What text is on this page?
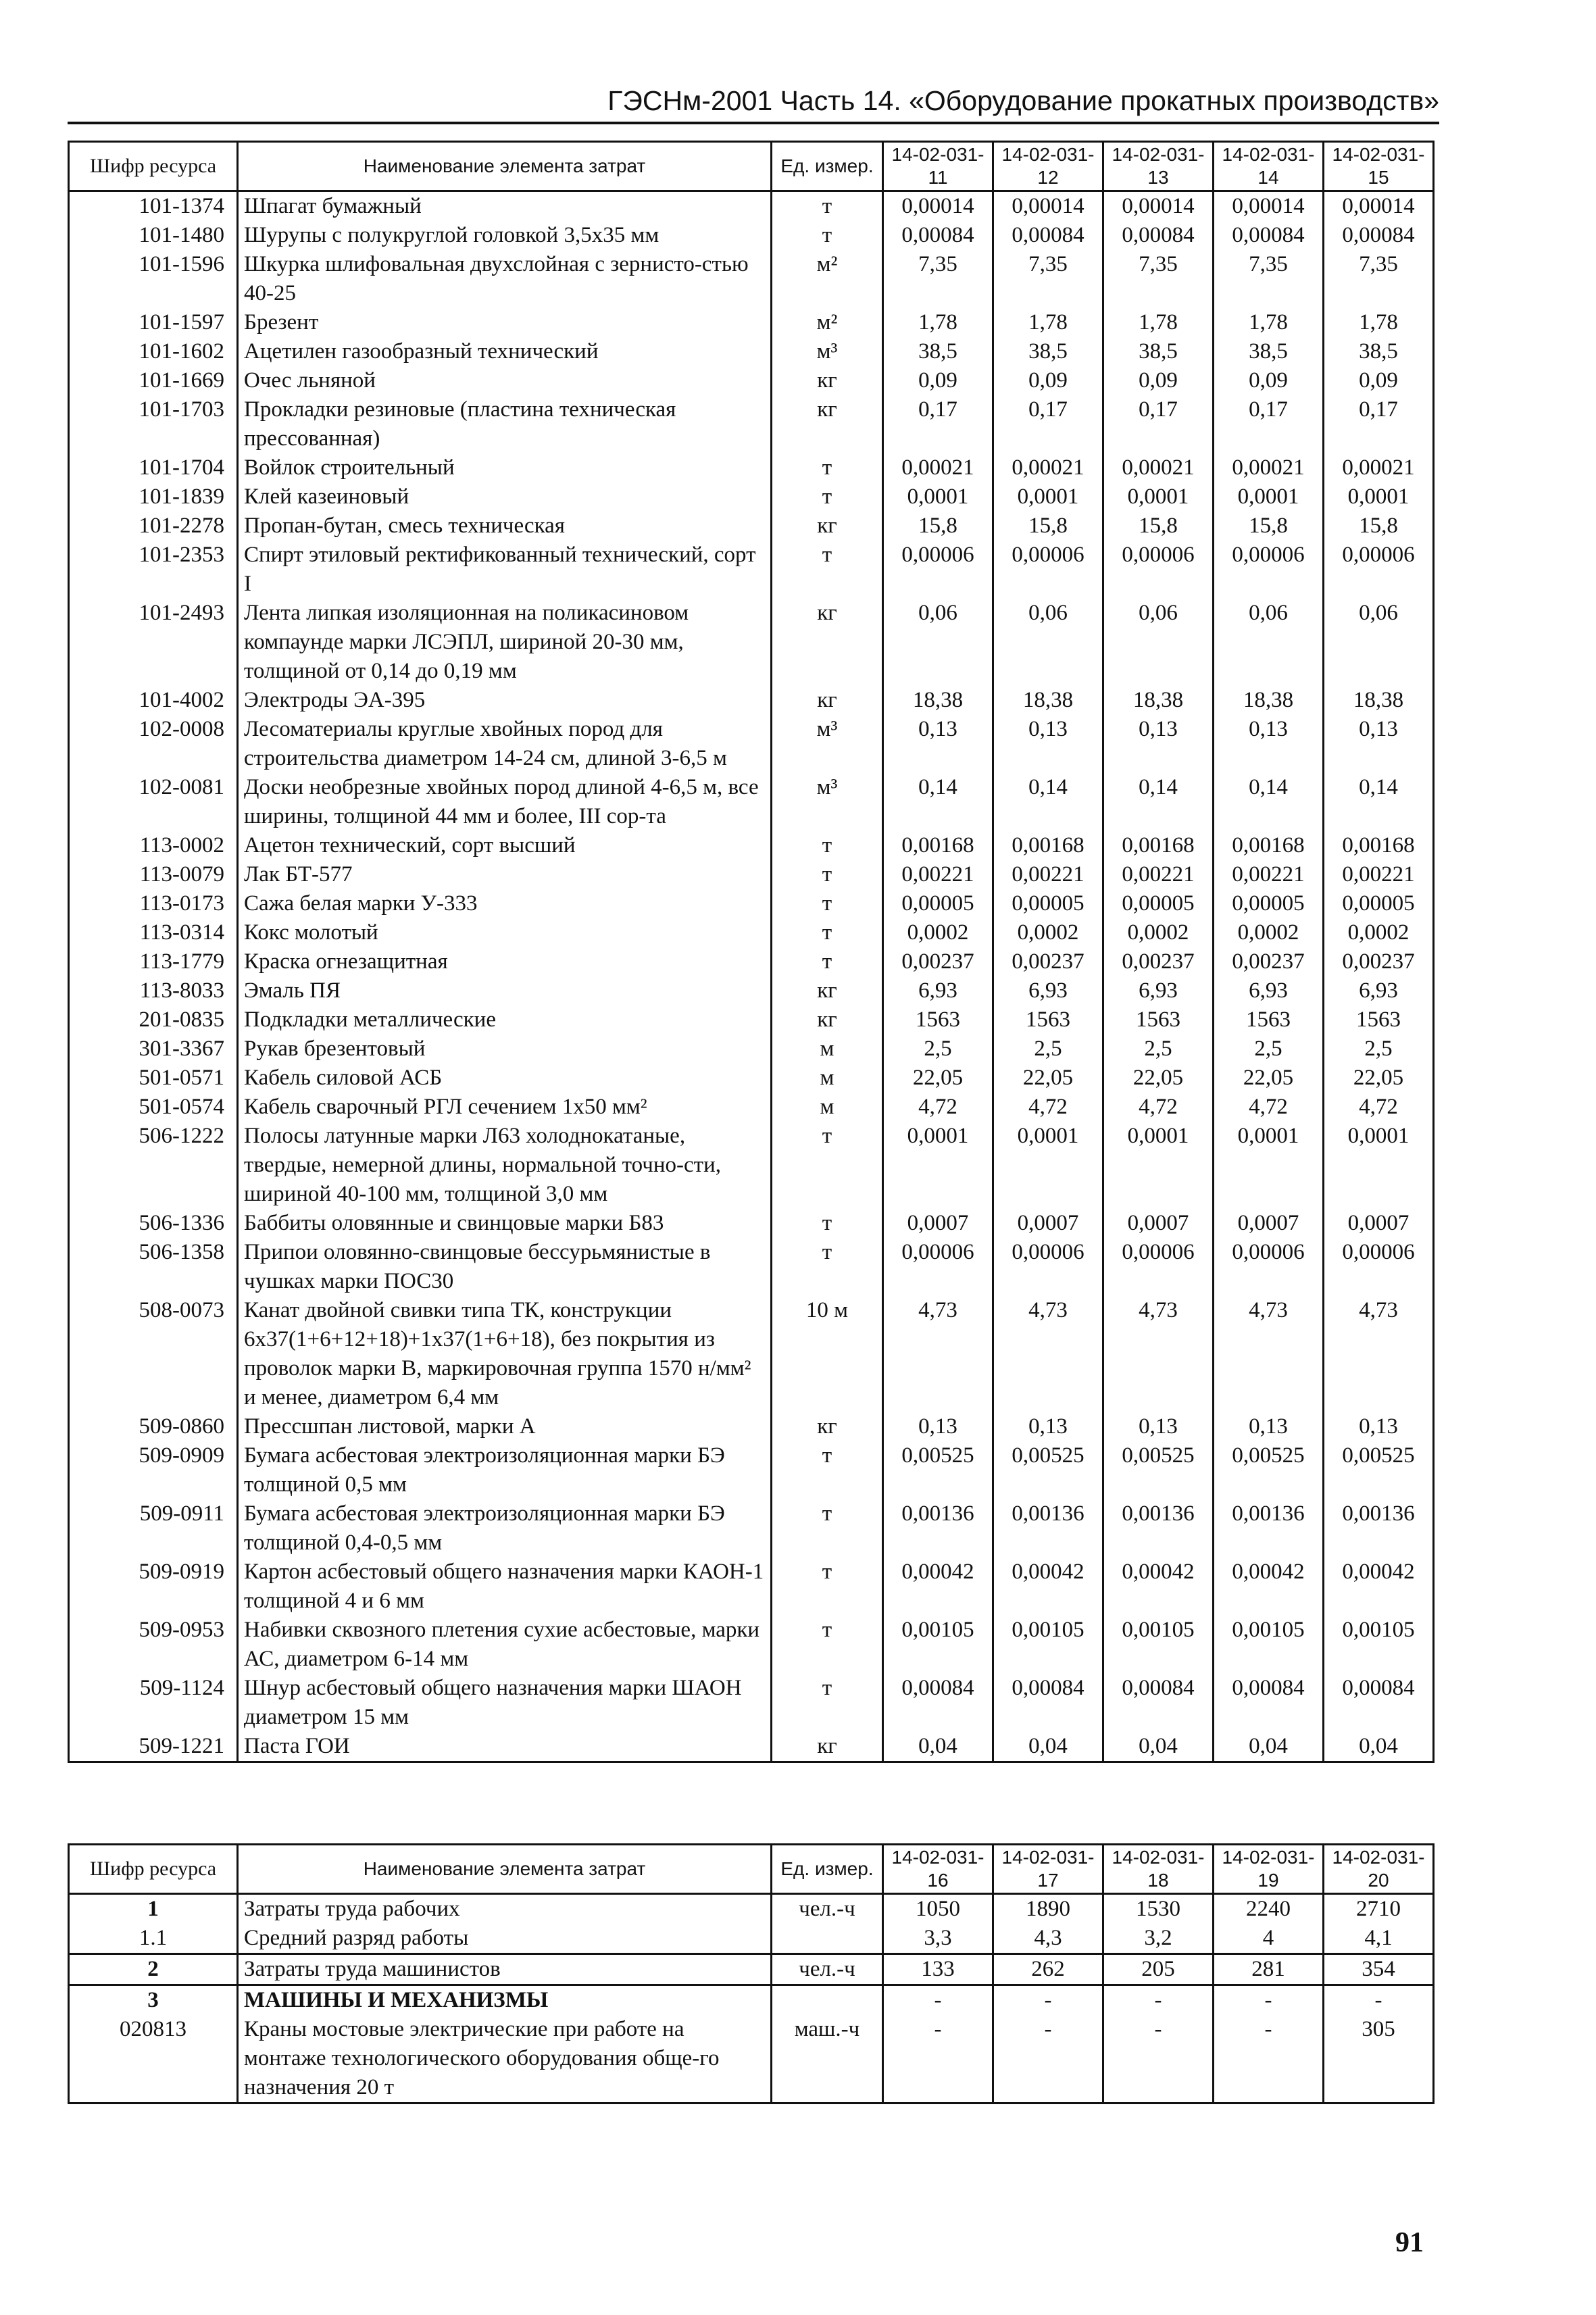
ГЭСНм-2001 Часть 14. «Оборудование прокатных производств»
Шифр ресурса	Наименование элемента затрат	Ед. измер.	14-02-031-11	14-02-031-12	14-02-031-13	14-02-031-14	14-02-031-15
101-1374	Шпагат бумажный	т	0,00014	0,00014	0,00014	0,00014	0,00014
101-1480	Шурупы с полукруглой головкой 3,5x35 мм	т	0,00084	0,00084	0,00084	0,00084	0,00084
101-1596	Шкурка шлифовальная двухслойная с зернисто-стью 40-25	м²	7,35	7,35	7,35	7,35	7,35
101-1597	Брезент	м²	1,78	1,78	1,78	1,78	1,78
101-1602	Ацетилен газообразный технический	м³	38,5	38,5	38,5	38,5	38,5
101-1669	Очес льняной	кг	0,09	0,09	0,09	0,09	0,09
101-1703	Прокладки резиновые (пластина техническая прессованная)	кг	0,17	0,17	0,17	0,17	0,17
101-1704	Войлок строительный	т	0,00021	0,00021	0,00021	0,00021	0,00021
101-1839	Клей казеиновый	т	0,0001	0,0001	0,0001	0,0001	0,0001
101-2278	Пропан-бутан, смесь техническая	кг	15,8	15,8	15,8	15,8	15,8
101-2353	Спирт этиловый ректификованный технический, сорт I	т	0,00006	0,00006	0,00006	0,00006	0,00006
101-2493	Лента липкая изоляционная на поликасиновом компаунде марки ЛСЭПЛ, шириной 20-30 мм, толщиной от 0,14 до 0,19 мм	кг	0,06	0,06	0,06	0,06	0,06
101-4002	Электроды ЭА-395	кг	18,38	18,38	18,38	18,38	18,38
102-0008	Лесоматериалы круглые хвойных пород для строительства диаметром 14-24 см, длиной 3-6,5 м	м³	0,13	0,13	0,13	0,13	0,13
102-0081	Доски необрезные хвойных пород длиной 4-6,5 м, все ширины, толщиной 44 мм и более, III сор-та	м³	0,14	0,14	0,14	0,14	0,14
113-0002	Ацетон технический, сорт высший	т	0,00168	0,00168	0,00168	0,00168	0,00168
113-0079	Лак БТ-577	т	0,00221	0,00221	0,00221	0,00221	0,00221
113-0173	Сажа белая марки У-333	т	0,00005	0,00005	0,00005	0,00005	0,00005
113-0314	Кокс молотый	т	0,0002	0,0002	0,0002	0,0002	0,0002
113-1779	Краска огнезащитная	т	0,00237	0,00237	0,00237	0,00237	0,00237
113-8033	Эмаль ПЯ	кг	6,93	6,93	6,93	6,93	6,93
201-0835	Подкладки металлические	кг	1563	1563	1563	1563	1563
301-3367	Рукав брезентовый	м	2,5	2,5	2,5	2,5	2,5
501-0571	Кабель силовой АСБ	м	22,05	22,05	22,05	22,05	22,05
501-0574	Кабель сварочный РГЛ сечением 1x50 мм²	м	4,72	4,72	4,72	4,72	4,72
506-1222	Полосы латунные марки Л63 холоднокатаные, твердые, немерной длины, нормальной точно-сти, шириной 40-100 мм, толщиной 3,0 мм	т	0,0001	0,0001	0,0001	0,0001	0,0001
506-1336	Баббиты оловянные и свинцовые марки Б83	т	0,0007	0,0007	0,0007	0,0007	0,0007
506-1358	Припои оловянно-свинцовые бессурьмянистые в чушках марки ПОС30	т	0,00006	0,00006	0,00006	0,00006	0,00006
508-0073	Канат двойной свивки типа ТК, конструкции 6x37(1+6+12+18)+1x37(1+6+18), без покрытия из проволок марки В, маркировочная группа 1570 н/мм² и менее, диаметром 6,4 мм	10 м	4,73	4,73	4,73	4,73	4,73
509-0860	Прессшпан листовой, марки А	кг	0,13	0,13	0,13	0,13	0,13
509-0909	Бумага асбестовая электроизоляционная марки БЭ толщиной 0,5 мм	т	0,00525	0,00525	0,00525	0,00525	0,00525
509-0911	Бумага асбестовая электроизоляционная марки БЭ толщиной 0,4-0,5 мм	т	0,00136	0,00136	0,00136	0,00136	0,00136
509-0919	Картон асбестовый общего назначения марки КАОН-1 толщиной 4 и 6 мм	т	0,00042	0,00042	0,00042	0,00042	0,00042
509-0953	Набивки сквозного плетения сухие асбестовые, марки АС, диаметром 6-14 мм	т	0,00105	0,00105	0,00105	0,00105	0,00105
509-1124	Шнур асбестовый общего назначения марки ШАОН диаметром 15 мм	т	0,00084	0,00084	0,00084	0,00084	0,00084
509-1221	Паста ГОИ	кг	0,04	0,04	0,04	0,04	0,04
Шифр ресурса	Наименование элемента затрат	Ед. измер.	14-02-031-16	14-02-031-17	14-02-031-18	14-02-031-19	14-02-031-20
1	Затраты труда рабочих	чел.-ч	1050	1890	1530	2240	2710
1.1	Средний разряд работы		3,3	4,3	3,2	4	4,1
2	Затраты труда машинистов	чел.-ч	133	262	205	281	354
3	МАШИНЫ И МЕХАНИЗМЫ		-	-	-	-	-
020813	Краны мостовые электрические при работе на монтаже технологического оборудования обще-го назначения 20 т	маш.-ч	-	-	-	-	305
91
